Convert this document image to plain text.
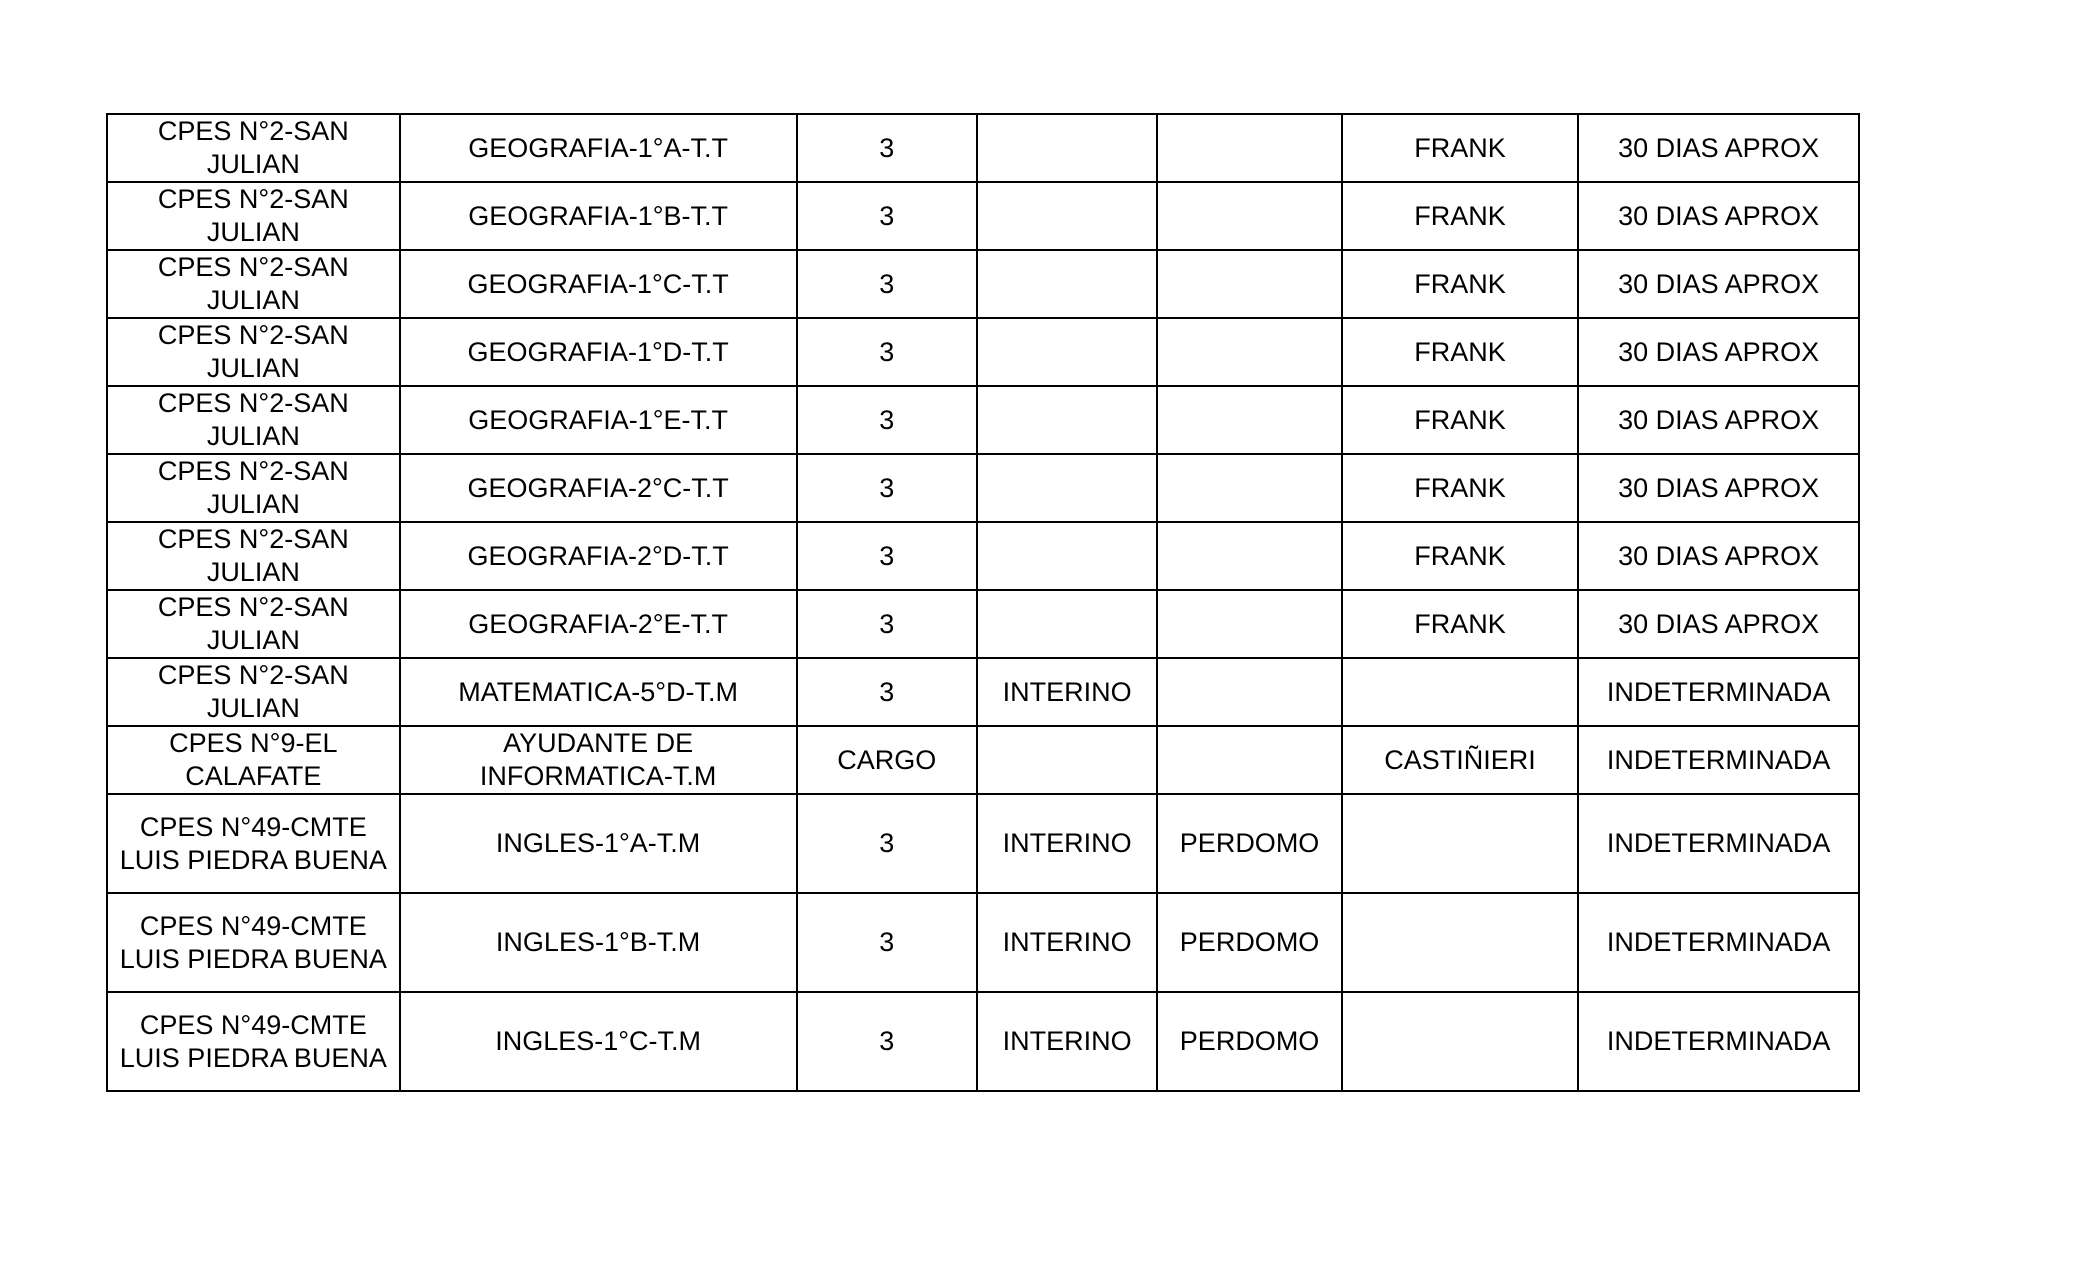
CPES N°2-SAN JULIAN	GEOGRAFIA-1°A-T.T	3			FRANK	30 DIAS APROX
CPES N°2-SAN JULIAN	GEOGRAFIA-1°B-T.T	3			FRANK	30 DIAS APROX
CPES N°2-SAN JULIAN	GEOGRAFIA-1°C-T.T	3			FRANK	30 DIAS APROX
CPES N°2-SAN JULIAN	GEOGRAFIA-1°D-T.T	3			FRANK	30 DIAS APROX
CPES N°2-SAN JULIAN	GEOGRAFIA-1°E-T.T	3			FRANK	30 DIAS APROX
CPES N°2-SAN JULIAN	GEOGRAFIA-2°C-T.T	3			FRANK	30 DIAS APROX
CPES N°2-SAN JULIAN	GEOGRAFIA-2°D-T.T	3			FRANK	30 DIAS APROX
CPES N°2-SAN JULIAN	GEOGRAFIA-2°E-T.T	3			FRANK	30 DIAS APROX
CPES N°2-SAN JULIAN	MATEMATICA-5°D-T.M	3	INTERINO			INDETERMINADA
CPES N°9-EL CALAFATE	AYUDANTE DE INFORMATICA-T.M	CARGO			CASTIÑIERI	INDETERMINADA
CPES N°49-CMTE LUIS PIEDRA BUENA	INGLES-1°A-T.M	3	INTERINO	PERDOMO		INDETERMINADA
CPES N°49-CMTE LUIS PIEDRA BUENA	INGLES-1°B-T.M	3	INTERINO	PERDOMO		INDETERMINADA
CPES N°49-CMTE LUIS PIEDRA BUENA	INGLES-1°C-T.M	3	INTERINO	PERDOMO		INDETERMINADA
